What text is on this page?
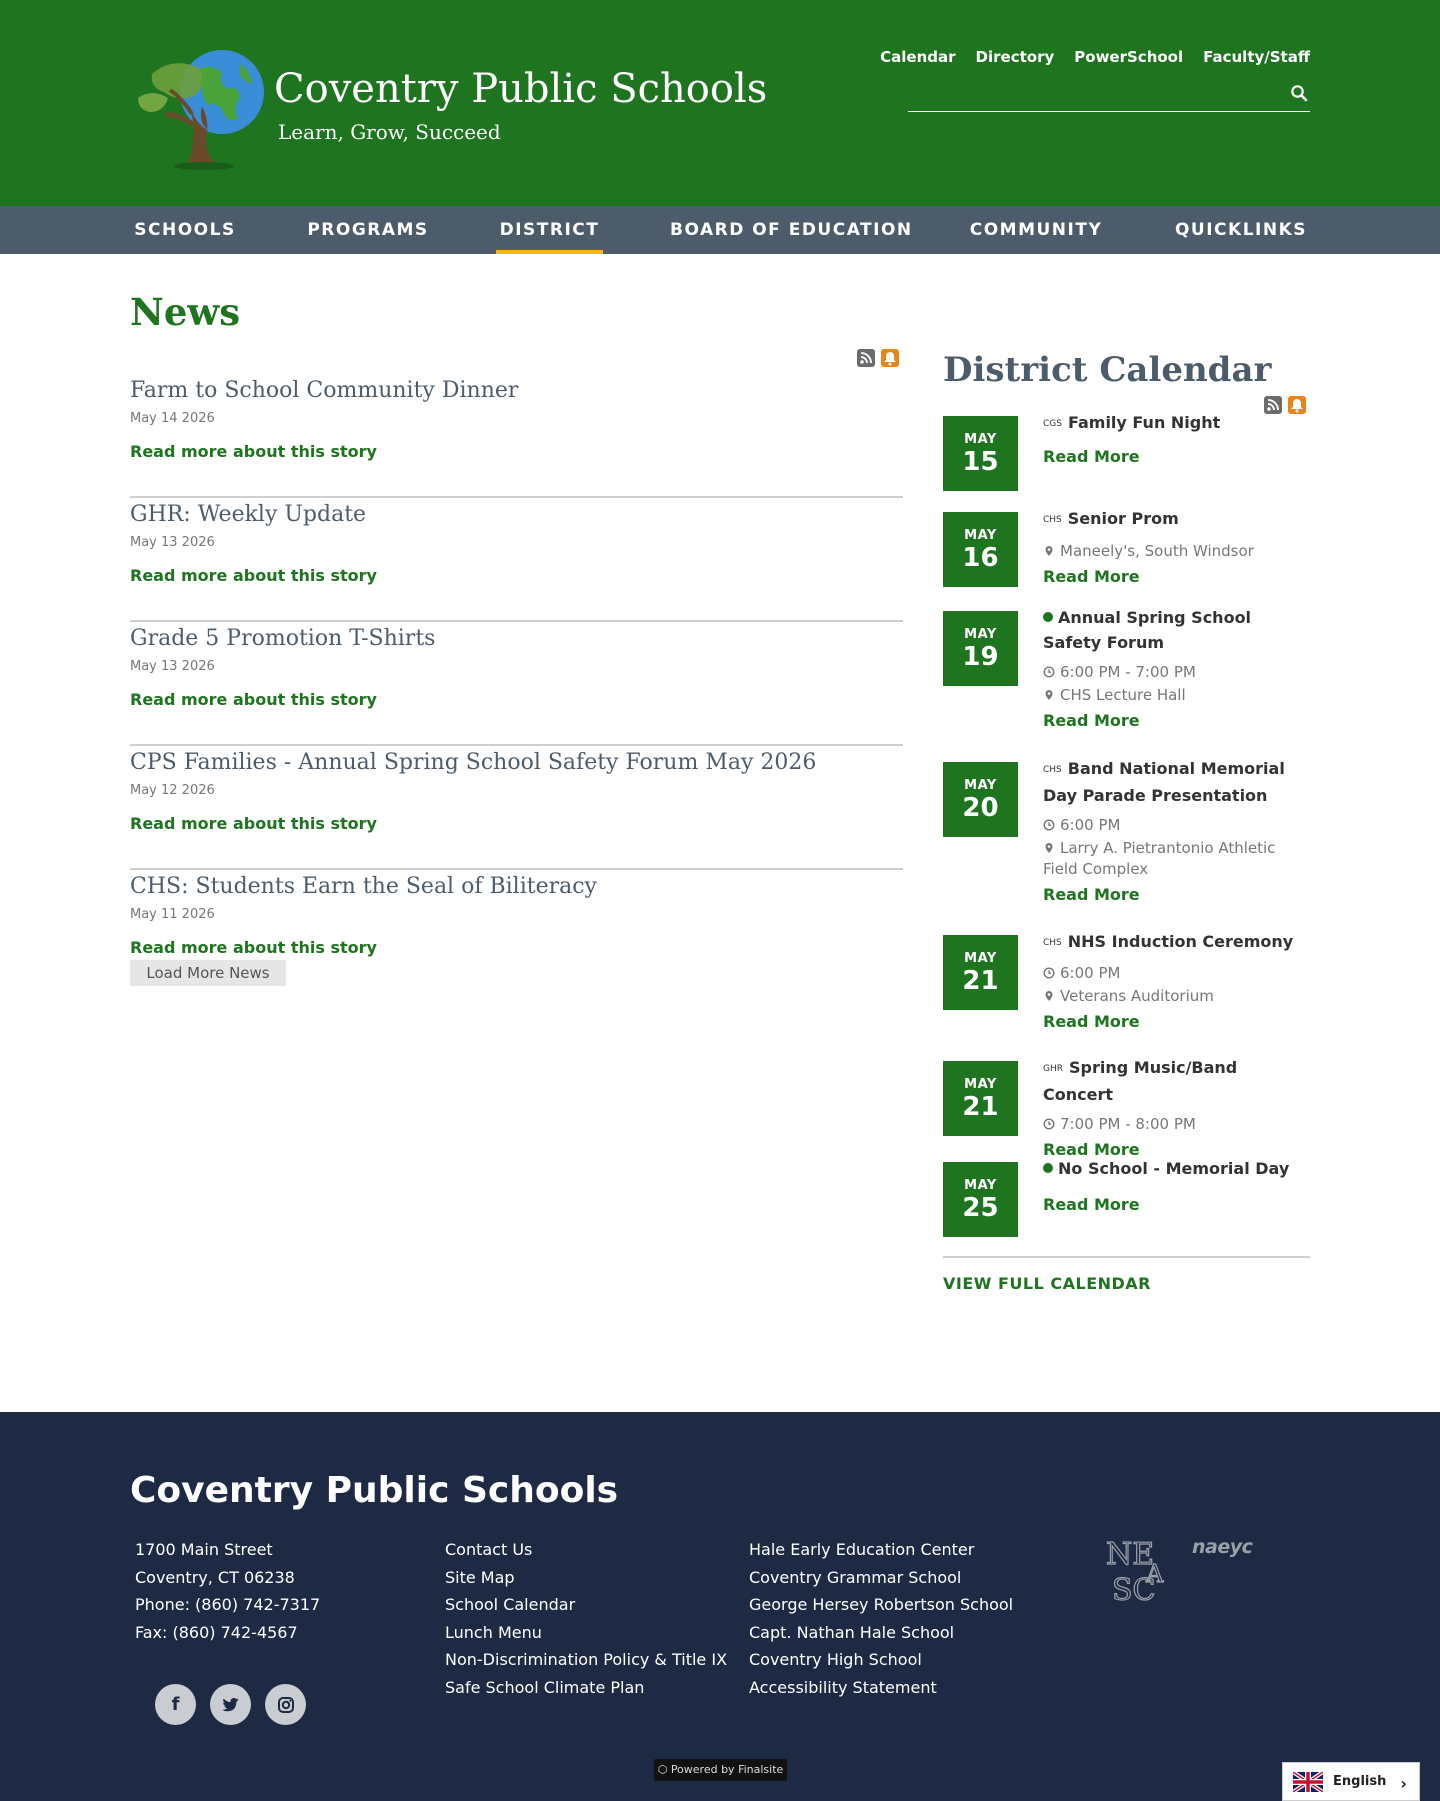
Coventry Public Schools
Learn, Grow, Succeed
Calendar Directory PowerSchool Faculty/Staff
SCHOOLS	PROGRAMS	DISTRICT	BOARD OF EDUCATION	COMMUNITY	QUICKLINKS
News
Farm to School Community Dinner
May 14 2026
Read more about this story
GHR: Weekly Update
May 13 2026
Read more about this story
Grade 5 Promotion T-Shirts
May 13 2026
Read more about this story
CPS Families - Annual Spring School Safety Forum May 2026
May 12 2026
Read more about this story
CHS: Students Earn the Seal of Biliteracy
May 11 2026
Read more about this story
Load More News
District Calendar
MAY
15
CGS Family Fun Night
Read More
MAY
16
CHS Senior Prom
Maneely's, South Windsor
Read More
MAY
19
Annual Spring School Safety Forum
6:00 PM - 7:00 PM
CHS Lecture Hall
Read More
MAY
20
CHS Band National Memorial Day Parade Presentation
6:00 PM
Larry A. Pietrantonio Athletic Field Complex
Read More
MAY
21
CHS NHS Induction Ceremony
6:00 PM
Veterans Auditorium
Read More
MAY
21
GHR Spring Music/Band Concert
7:00 PM - 8:00 PM
Read More
MAY
25
No School - Memorial Day
Read More
VIEW FULL CALENDAR
Coventry Public Schools
1700 Main Street
Coventry, CT 06238
Phone: (860) 742-7317
Fax: (860) 742-4567
Contact Us
Site Map
School Calendar
Lunch Menu
Non-Discrimination Policy & Title IX
Safe School Climate Plan
Hale Early Education Center
Coventry Grammar School
George Hersey Robertson School
Capt. Nathan Hale School
Coventry High School
Accessibility Statement
f
NE
SC
A
naeyc
⬡ Powered by Finalsite
English ›
